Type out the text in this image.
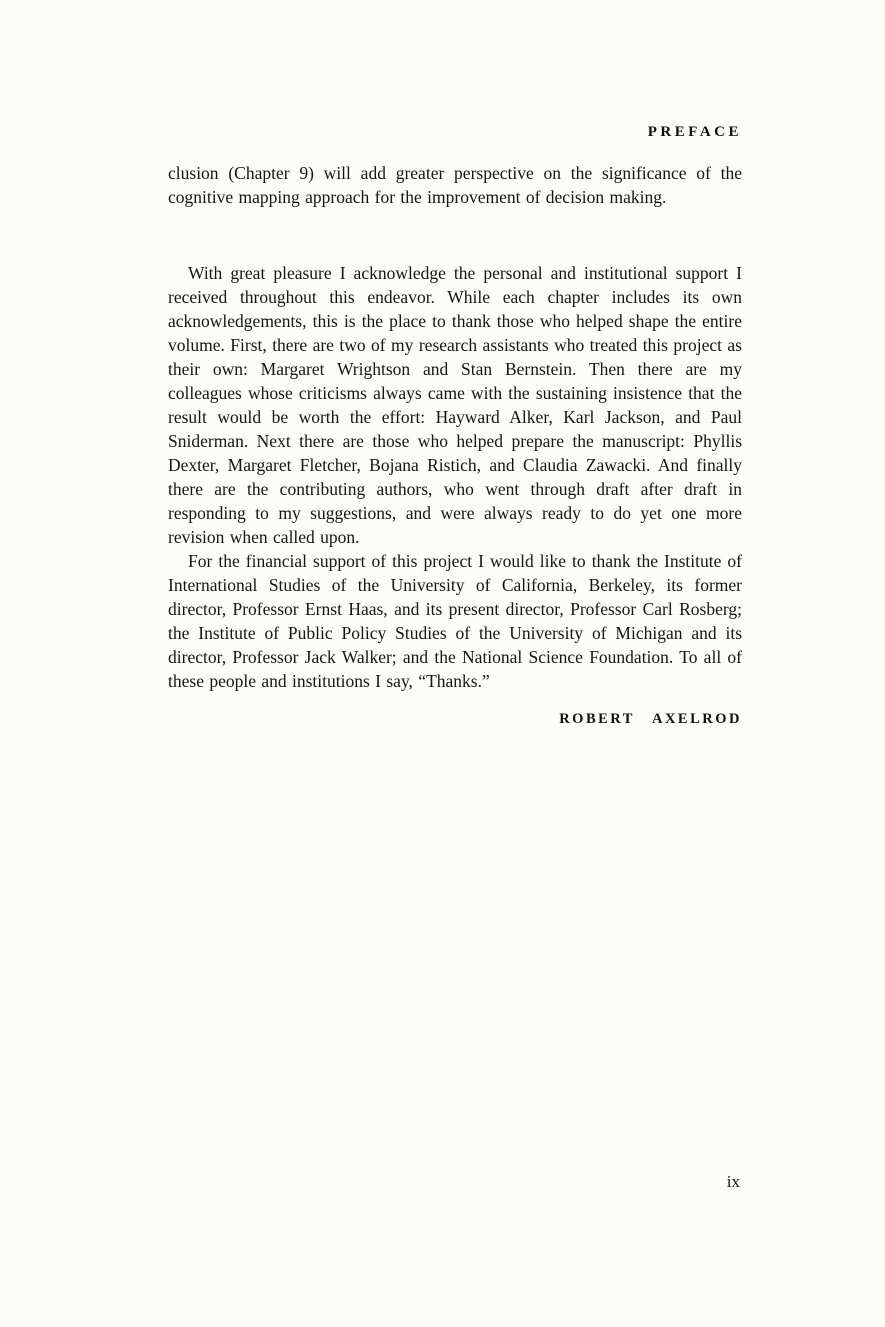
PREFACE

clusion (Chapter 9) will add greater perspective on the significance of the cognitive mapping approach for the improvement of decision making.

With great pleasure I acknowledge the personal and institutional support I received throughout this endeavor. While each chapter includes its own acknowledgements, this is the place to thank those who helped shape the entire volume. First, there are two of my research assistants who treated this project as their own: Margaret Wrightson and Stan Bernstein. Then there are my colleagues whose criticisms always came with the sustaining insistence that the result would be worth the effort: Hayward Alker, Karl Jackson, and Paul Sniderman. Next there are those who helped prepare the manuscript: Phyllis Dexter, Margaret Fletcher, Bojana Ristich, and Claudia Zawacki. And finally there are the contributing authors, who went through draft after draft in responding to my suggestions, and were always ready to do yet one more revision when called upon.

For the financial support of this project I would like to thank the Institute of International Studies of the University of California, Berkeley, its former director, Professor Ernst Haas, and its present director, Professor Carl Rosberg; the Institute of Public Policy Studies of the University of Michigan and its director, Professor Jack Walker; and the National Science Foundation. To all of these people and institutions I say, “Thanks.”

ROBERT AXELROD
ix
